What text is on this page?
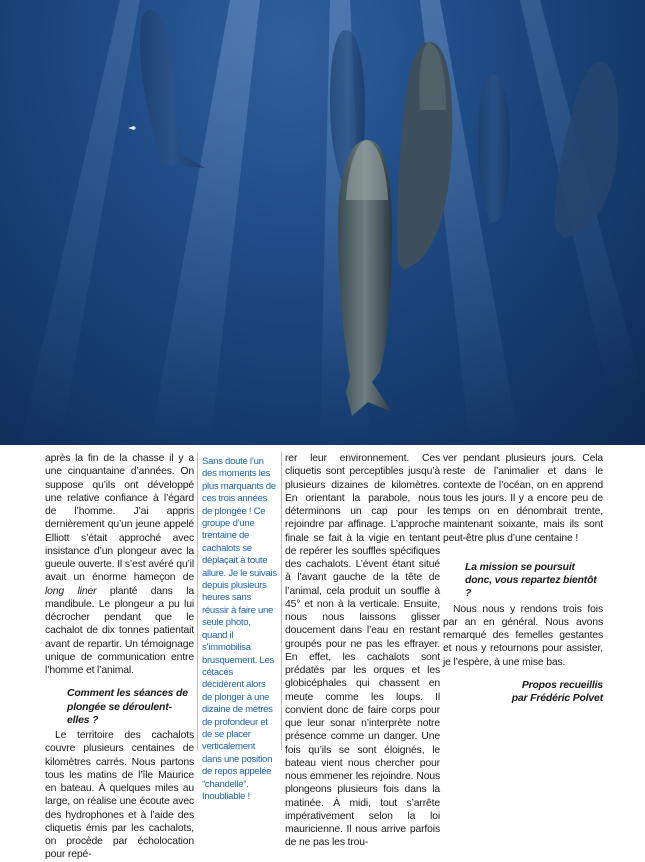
après la fin de la chasse il y a une cinquantaine d’années. On suppose qu’ils ont développé une relative confiance à l’égard de l’homme. J’ai appris dernièrement qu’un jeune appelé Elliott s’était approché avec insistance d’un plongeur avec la gueule ouverte. Il s’est avéré qu’il avait un énorme hameçon de long liner planté dans la mandibule. Le plongeur a pu lui décrocher pendant que le cachalot de dix tonnes patientait avant de repartir. Un témoignage unique de communication entre l’homme et l’animal.

Comment les séances de plongée se déroulent-elles ?

Le territoire des cachalots couvre plusieurs centaines de kilomètres carrés. Nous partons tous les matins de l’île Maurice en bateau. À quelques miles au large, on réalise une écoute avec des hydrophones et à l’aide des cliquetis émis par les cachalots, on procède par écholocation pour repé-

Sans doute l’un des moments les plus marquants de ces trois années de plongée ! Ce groupe d’une trentaine de cachalots se déplaçait à toute allure. Je le suivais depuis plusieurs heures sans réussir à faire une seule photo, quand il s’immobilisa brusquement. Les cétacés décidèrent alors de plonger à une dizaine de mètres de profondeur et de se placer verticalement dans une position de repos appelée “chandelle”. Inoubliable !

rer leur environnement. Ces cliquetis sont perceptibles jusqu’à plusieurs dizaines de kilomètres. En orientant la parabole, nous déterminons un cap pour les rejoindre par affinage. L’approche finale se fait à la vigie en tentant de repérer les souffles spécifiques des cachalots. L’évent étant situé à l’avant gauche de la tête de l’animal, cela produit un souffle à 45° et non à la verticale. Ensuite, nous nous laissons glisser doucement dans l’eau en restant groupés pour ne pas les effrayer. En effet, les cachalots sont prédatés par les orques et les globicéphales qui chassent en meute comme les loups. Il convient donc de faire corps pour que leur sonar n’interprète notre présence comme un danger. Une fois qu’ils se sont éloignés, le bateau vient nous chercher pour nous emmener les rejoindre. Nous plongeons plusieurs fois dans la matinée. À midi, tout s’arrête impérativement selon la loi mauricienne. Il nous arrive parfois de ne pas les trou-

ver pendant plusieurs jours. Cela reste de l’animalier et dans le contexte de l’océan, on en apprend tous les jours. Il y a encore peu de temps on en dénombrait trente, maintenant soixante, mais ils sont peut-être plus d’une centaine !

La mission se poursuit donc, vous repartez bientôt ?

Nous nous y rendons trois fois par an en général. Nous avons remarqué des femelles gestantes et nous y retournons pour assister, je l’espère, à une mise bas.

Propos recueillis
par Frédéric Polvet
